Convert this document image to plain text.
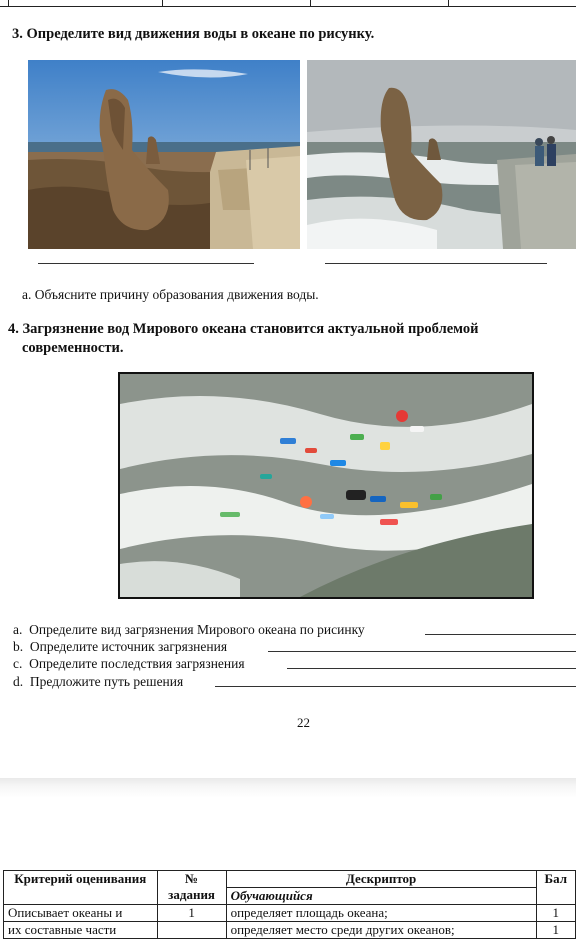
3. Определите вид движения воды в океане по рисунку.
a. Объясните причину образования движения воды.
4. Загрязнение вод Мирового океана становится актуальной проблемой
современности.
a. Определите вид загрязнения Мирового океана по рисинку
b. Определите источник загрязнения
c. Определите последствия загрязнения
d. Предложите путь решения
22
Критерий оценивания	№ задания	Дескриптор	Бал
		Обучающийся	
Описывает океаны и	1	определяет площадь океана;	1
их составные части		определяет место среди других океанов;	1
